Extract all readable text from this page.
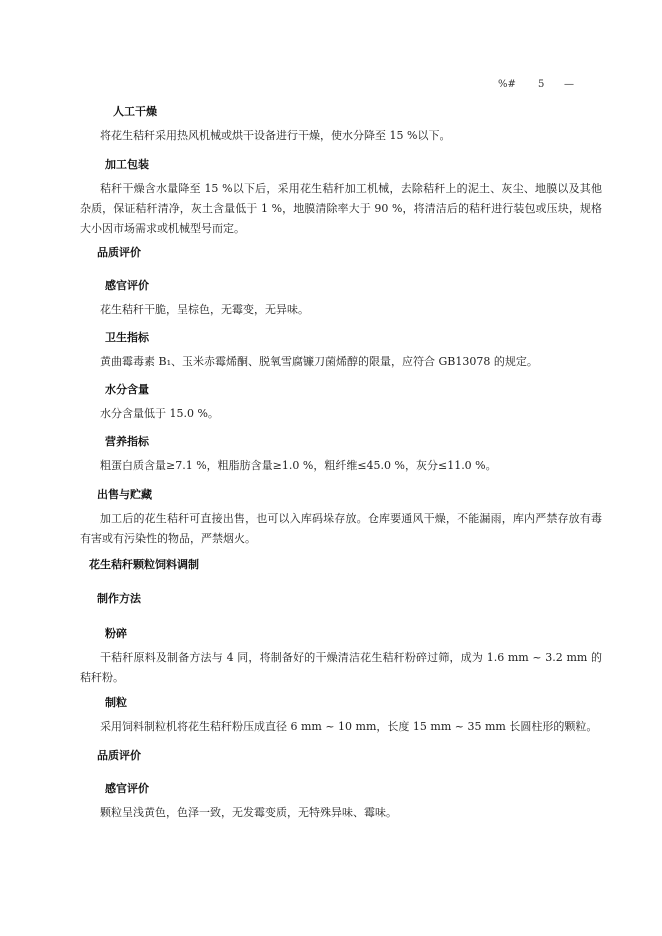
%#	5	—
人工干燥
将花生秸秆采用热风机械或烘干设备进行干燥，使水分降至 15 %以下。
加工包装
秸秆干燥含水量降至 15 %以下后，采用花生秸秆加工机械，去除秸秆上的泥土、灰尘、地膜以及其他杂质，保证秸秆清净，灰土含量低于 1 %，地膜清除率大于 90 %，将清洁后的秸秆进行装包或压块，规格大小因市场需求或机械型号而定。
品质评价
感官评价
花生秸秆干脆，呈棕色，无霉变，无异味。
卫生指标
黄曲霉毒素 B₁、玉米赤霉烯酮、脱氧雪腐镰刀菌烯醇的限量，应符合 GB13078 的规定。
水分含量
水分含量低于 15.0 %。
营养指标
粗蛋白质含量≥7.1 %，粗脂肪含量≥1.0 %，粗纤维≤45.0 %，灰分≤11.0 %。
出售与贮藏
加工后的花生秸秆可直接出售，也可以入库码垛存放。仓库要通风干燥，不能漏雨，库内严禁存放有毒有害或有污染性的物品，严禁烟火。
花生秸秆颗粒饲料调制
制作方法
粉碎
干秸秆原料及制备方法与 4 同，将制备好的干燥清洁花生秸秆粉碎过筛，成为 1.6 mm ~ 3.2 mm 的秸秆粉。
制粒
采用饲料制粒机将花生秸秆粉压成直径 6 mm ~ 10 mm，长度 15 mm ~ 35 mm 长圆柱形的颗粒。
品质评价
感官评价
颗粒呈浅黄色，色泽一致，无发霉变质，无特殊异味、霉味。
